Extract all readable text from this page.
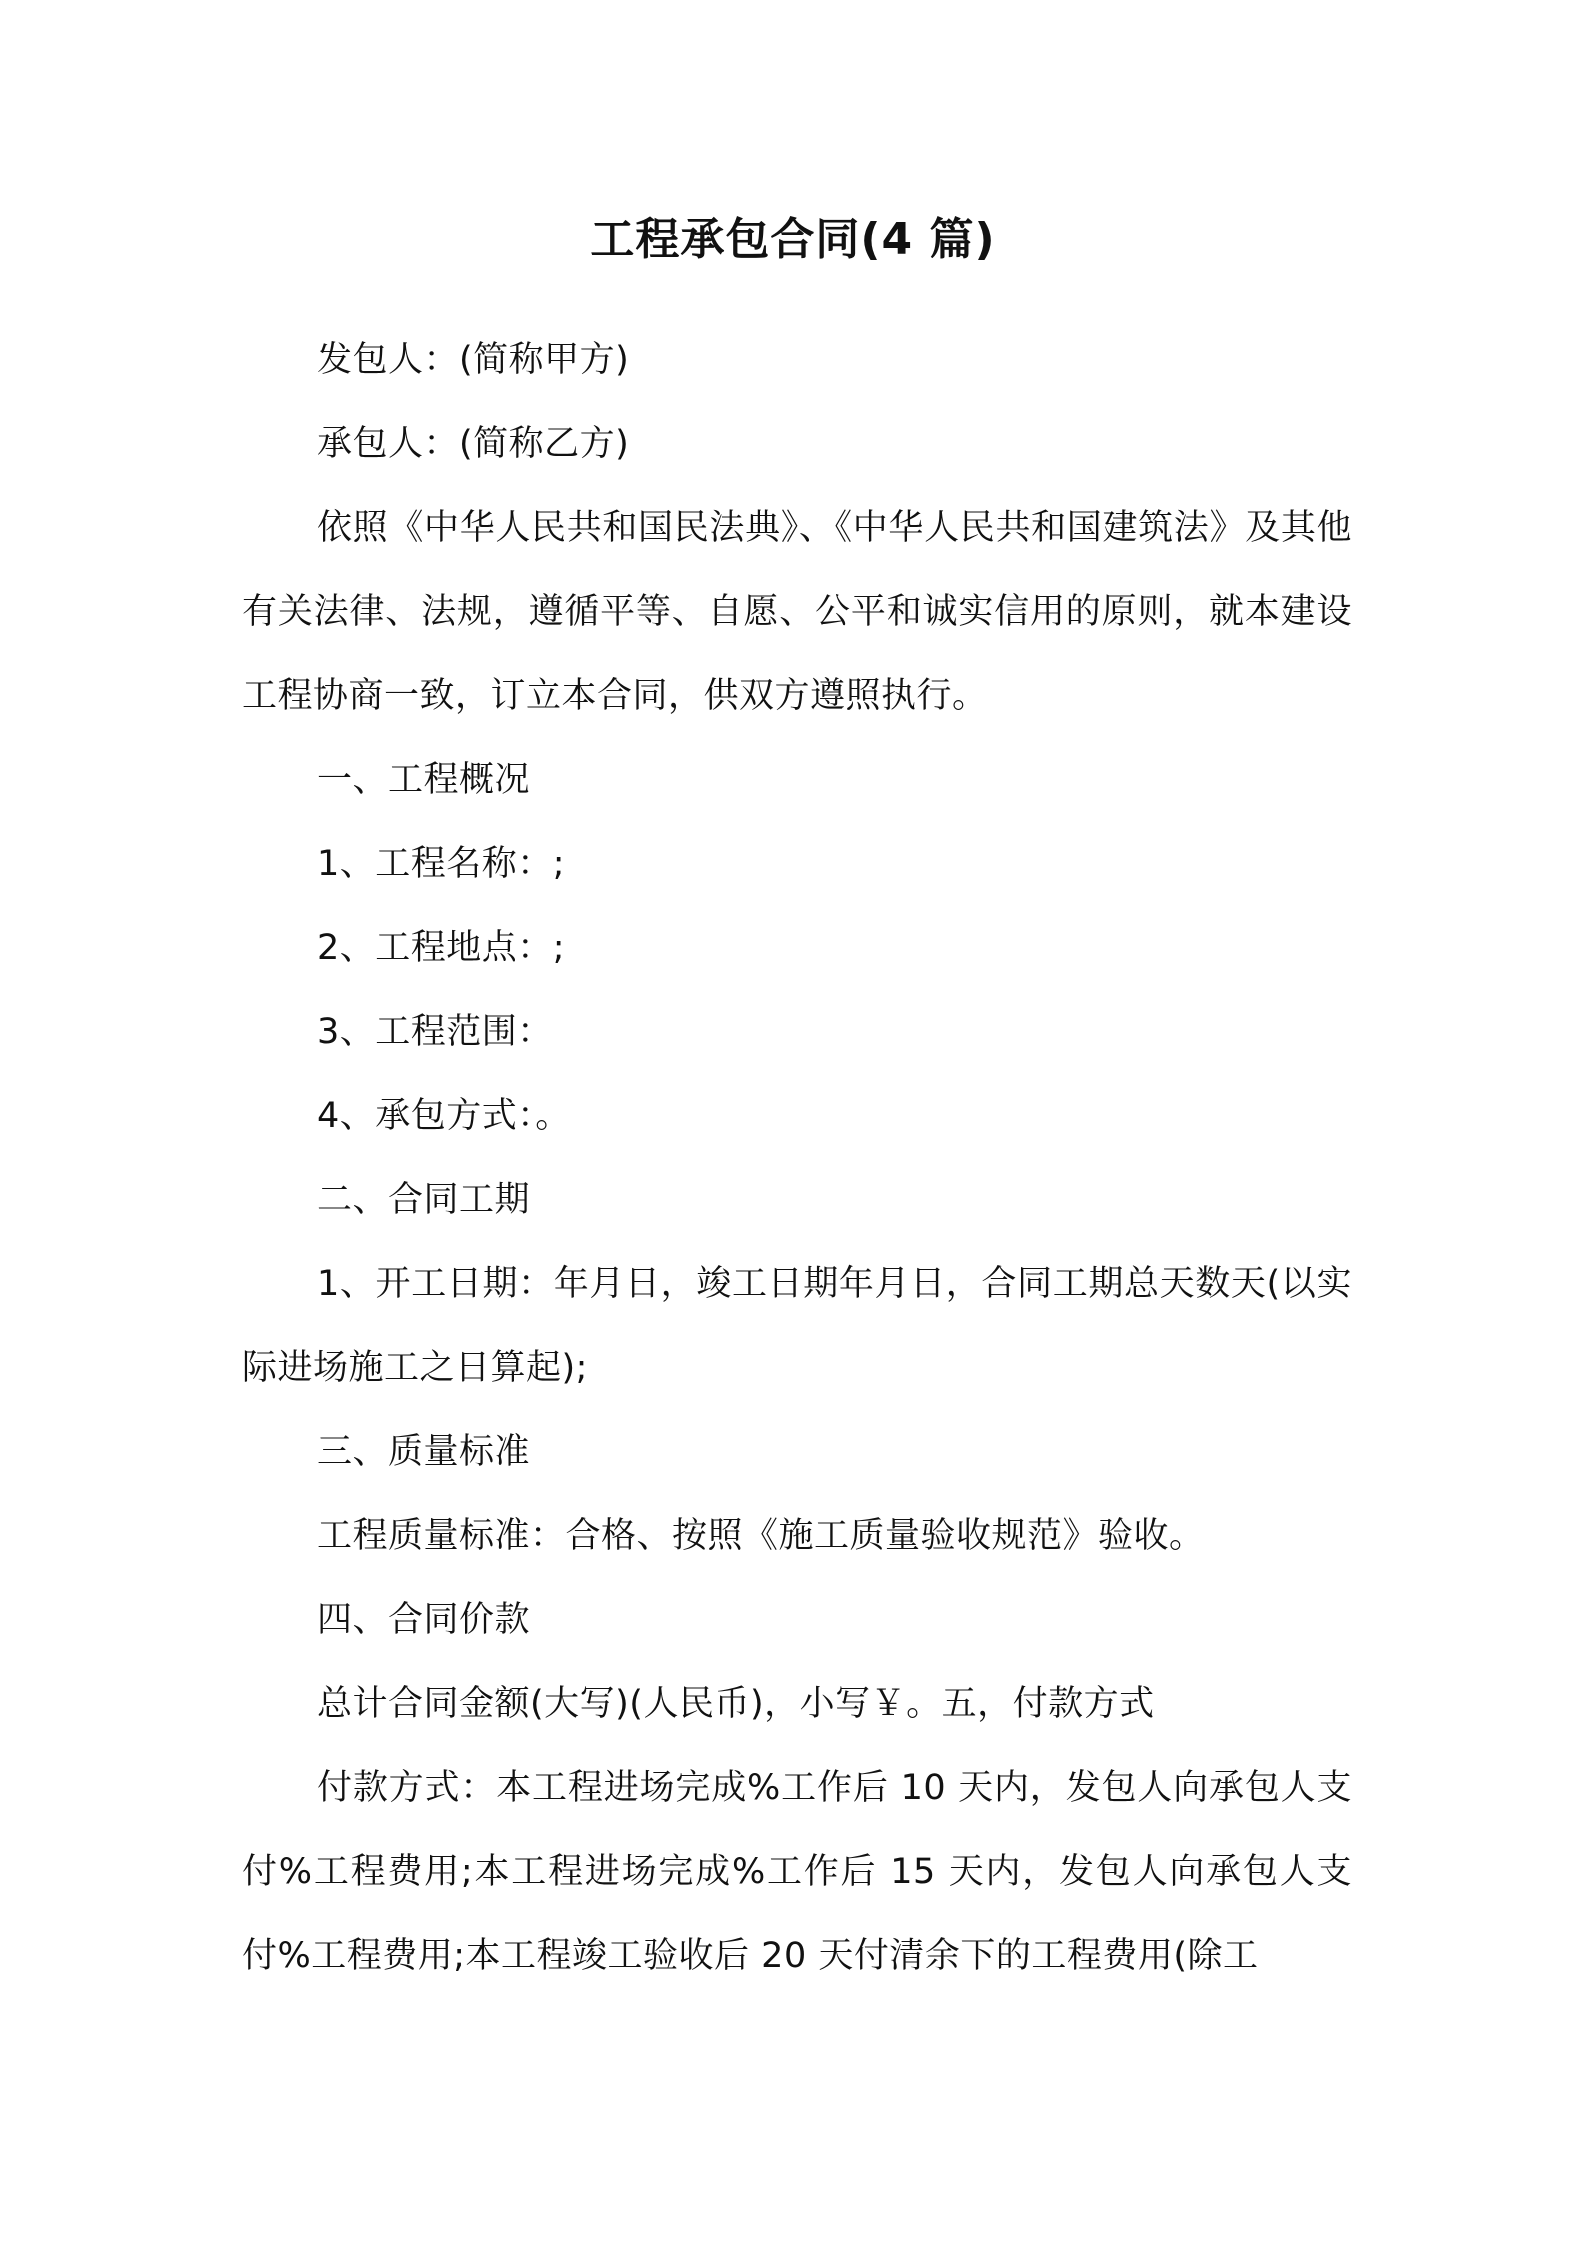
工程承包合同(4 篇)

发包人：(简称甲方)

承包人：(简称乙方)

依照《中华人民共和国民法典》、《中华人民共和国建筑法》及其他有关法律、法规，遵循平等、自愿、公平和诚实信用的原则，就本建设工程协商一致，订立本合同，供双方遵照执行。

一、工程概况

1、工程名称：;

2、工程地点：;

3、工程范围：

4、承包方式：。

二、合同工期

1、开工日期：年月日，竣工日期年月日，合同工期总天数天(以实际进场施工之日算起);

三、质量标准

工程质量标准：合格、按照《施工质量验收规范》验收。

四、合同价款

总计合同金额(大写)(人民币)，小写￥。五，付款方式

付款方式：本工程进场完成%工作后 10 天内，发包人向承包人支付%工程费用;本工程进场完成%工作后 15 天内，发包人向承包人支付%工程费用;本工程竣工验收后 20 天付清余下的工程费用(除工
